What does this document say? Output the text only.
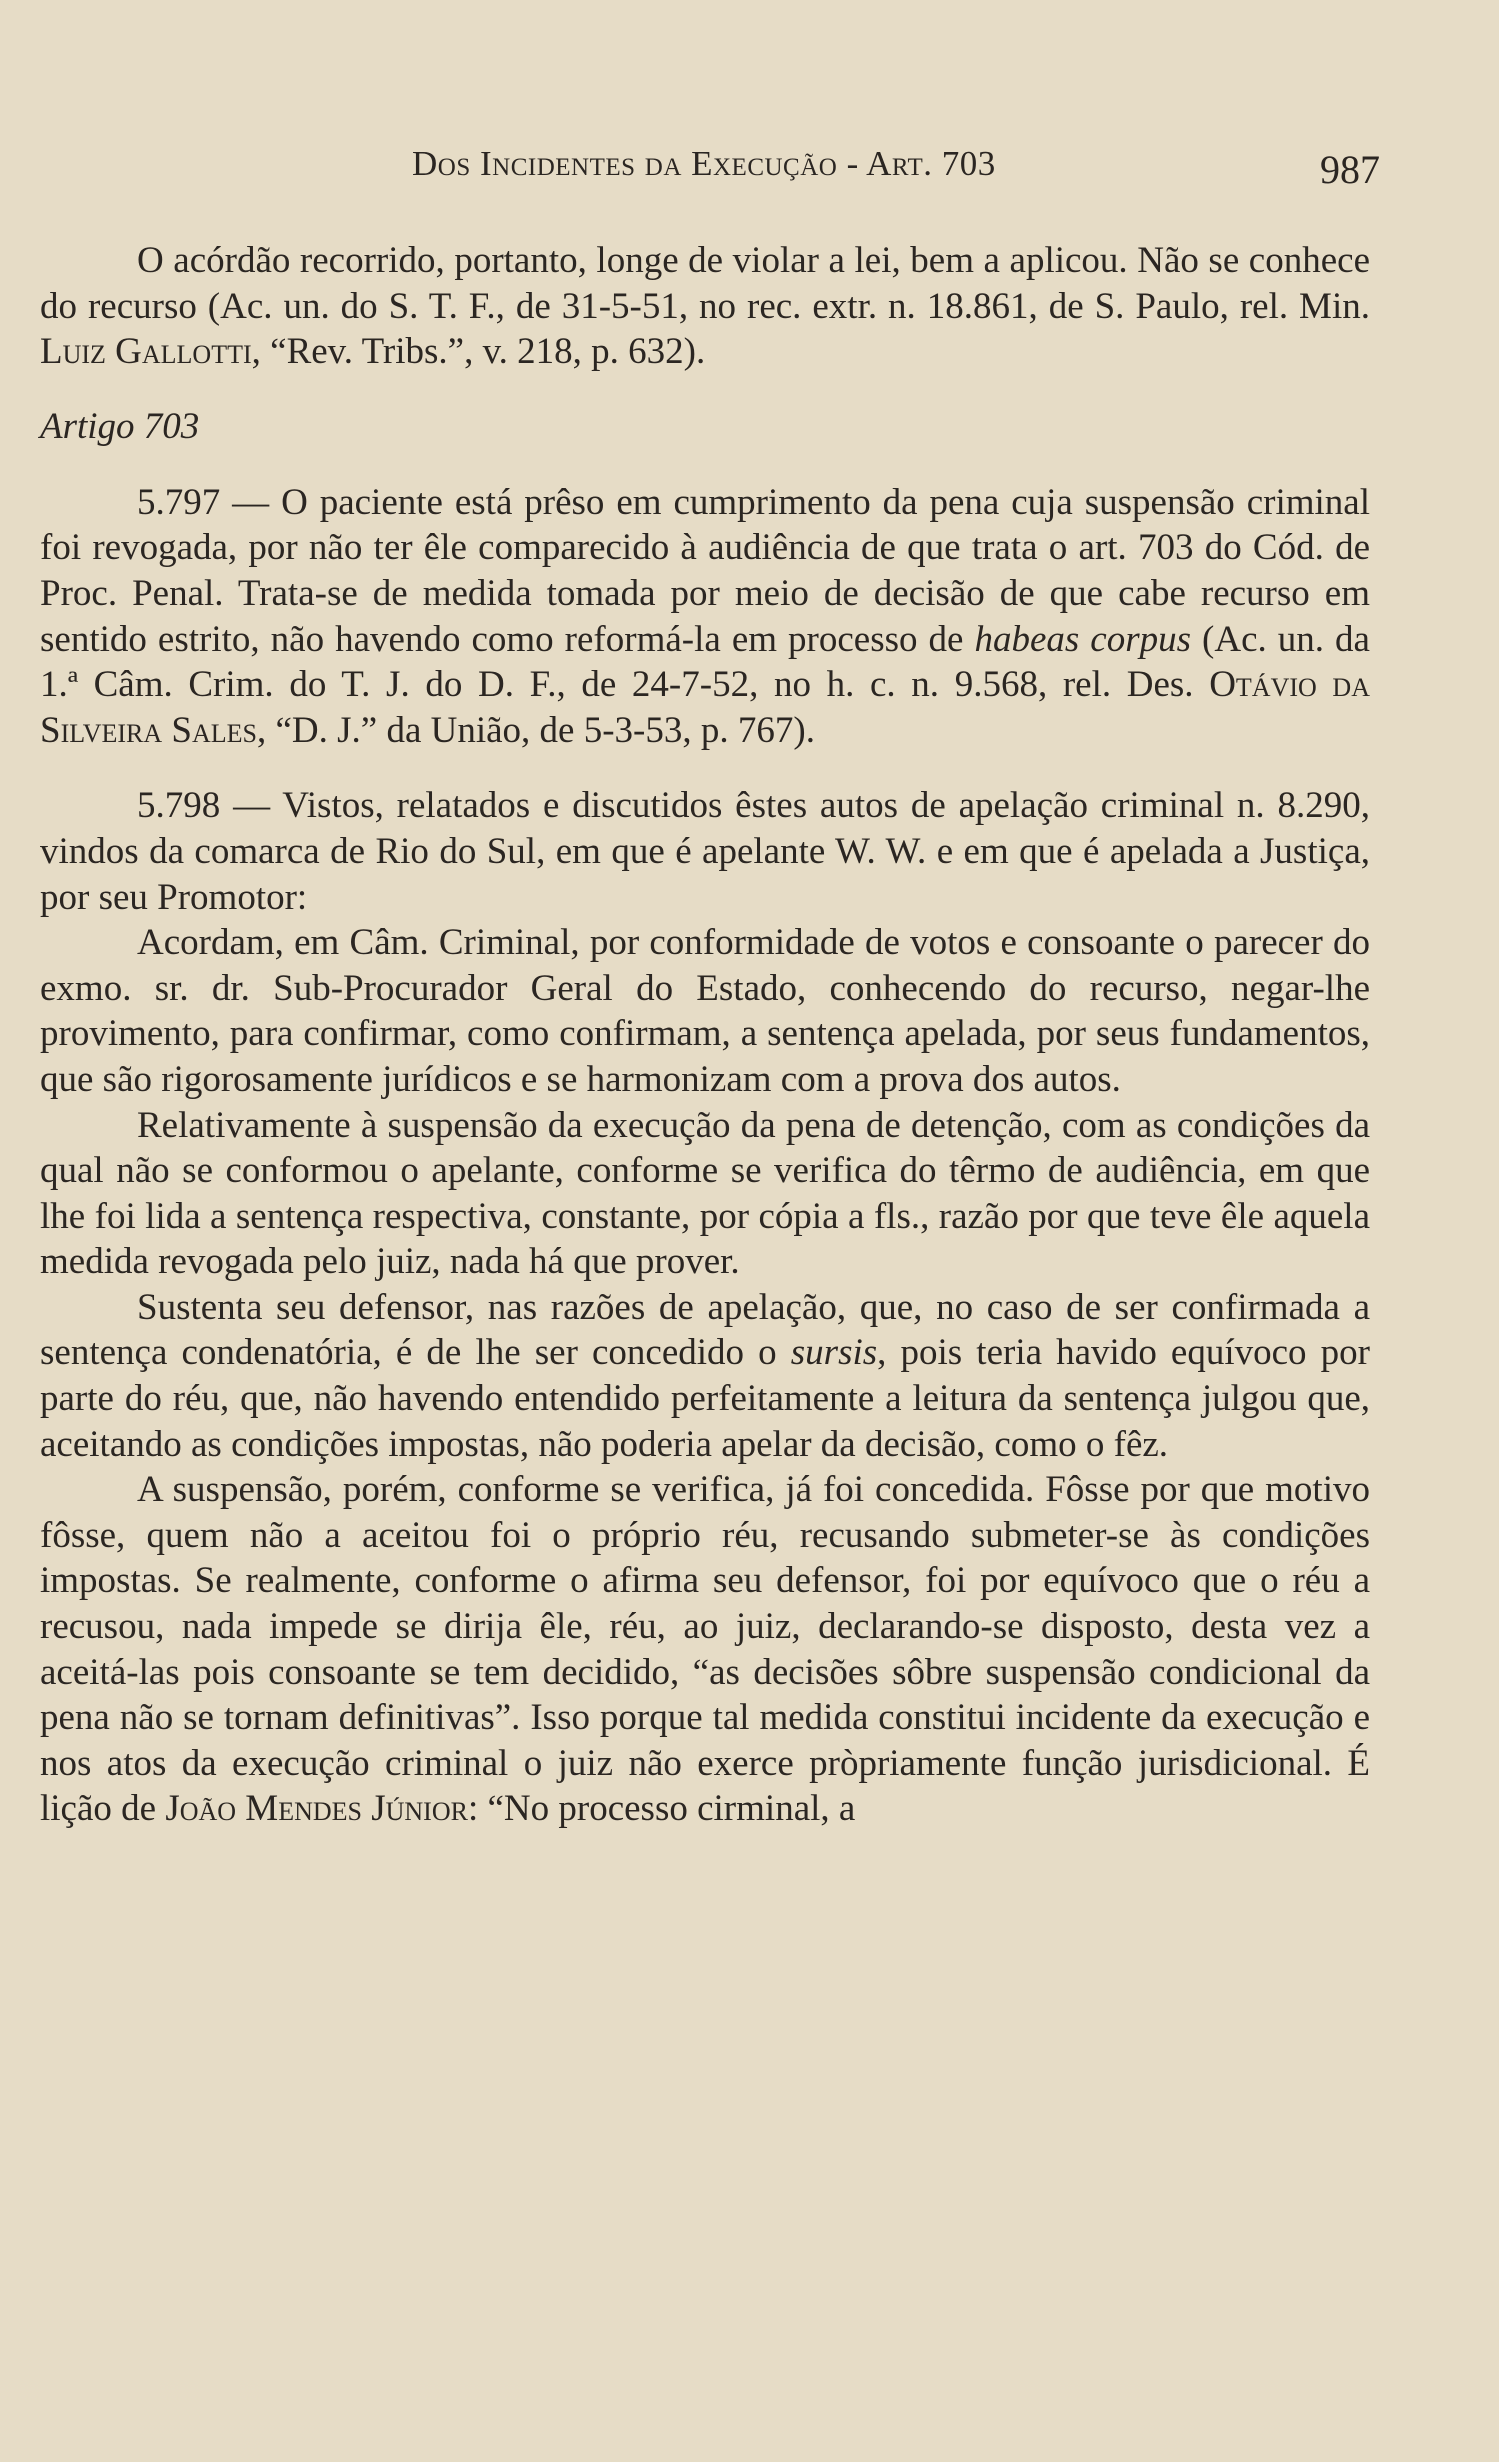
Dos Incidentes da Execução - Art. 703	987

O acórdão recorrido, portanto, longe de violar a lei, bem a aplicou. Não se conhece do recurso (Ac. un. do S. T. F., de 31-5-51, no rec. extr. n. 18.861, de S. Paulo, rel. Min. Luiz Gallotti, “Rev. Tribs.”, v. 218, p. 632).

Artigo 703

5.797 — O paciente está prêso em cumprimento da pena cuja suspensão criminal foi revogada, por não ter êle comparecido à audiência de que trata o art. 703 do Cód. de Proc. Penal. Trata-se de medida tomada por meio de decisão de que cabe recurso em sentido estrito, não havendo como reformá-la em processo de habeas corpus (Ac. un. da 1.ª Câm. Crim. do T. J. do D. F., de 24-7-52, no h. c. n. 9.568, rel. Des. Otávio da Silveira Sales, “D. J.” da União, de 5-3-53, p. 767).

5.798 — Vistos, relatados e discutidos êstes autos de apelação criminal n. 8.290, vindos da comarca de Rio do Sul, em que é apelante W. W. e em que é apelada a Justiça, por seu Promotor:

Acordam, em Câm. Criminal, por conformidade de votos e consoante o parecer do exmo. sr. dr. Sub-Procurador Geral do Estado, conhecendo do recurso, negar-lhe provimento, para confirmar, como confirmam, a sentença apelada, por seus fundamentos, que são rigorosamente jurídicos e se harmonizam com a prova dos autos.

Relativamente à suspensão da execução da pena de detenção, com as condições da qual não se conformou o apelante, conforme se verifica do têrmo de audiência, em que lhe foi lida a sentença respectiva, constante, por cópia a fls., razão por que teve êle aquela medida revogada pelo juiz, nada há que prover.

Sustenta seu defensor, nas razões de apelação, que, no caso de ser confirmada a sentença condenatória, é de lhe ser concedido o sursis, pois teria havido equívoco por parte do réu, que, não havendo entendido perfeitamente a leitura da sentença julgou que, aceitando as condições impostas, não poderia apelar da decisão, como o fêz.

A suspensão, porém, conforme se verifica, já foi concedida. Fôsse por que motivo fôsse, quem não a aceitou foi o próprio réu, recusando submeter-se às condições impostas. Se realmente, conforme o afirma seu defensor, foi por equívoco que o réu a recusou, nada impede se dirija êle, réu, ao juiz, declarando-se disposto, desta vez a aceitá-las pois consoante se tem decidido, “as decisões sôbre suspensão condicional da pena não se tornam definitivas”. Isso porque tal medida constitui incidente da execução e nos atos da execução criminal o juiz não exerce pròpriamente função jurisdicional. É lição de João Mendes Júnior: “No processo cirminal, a
